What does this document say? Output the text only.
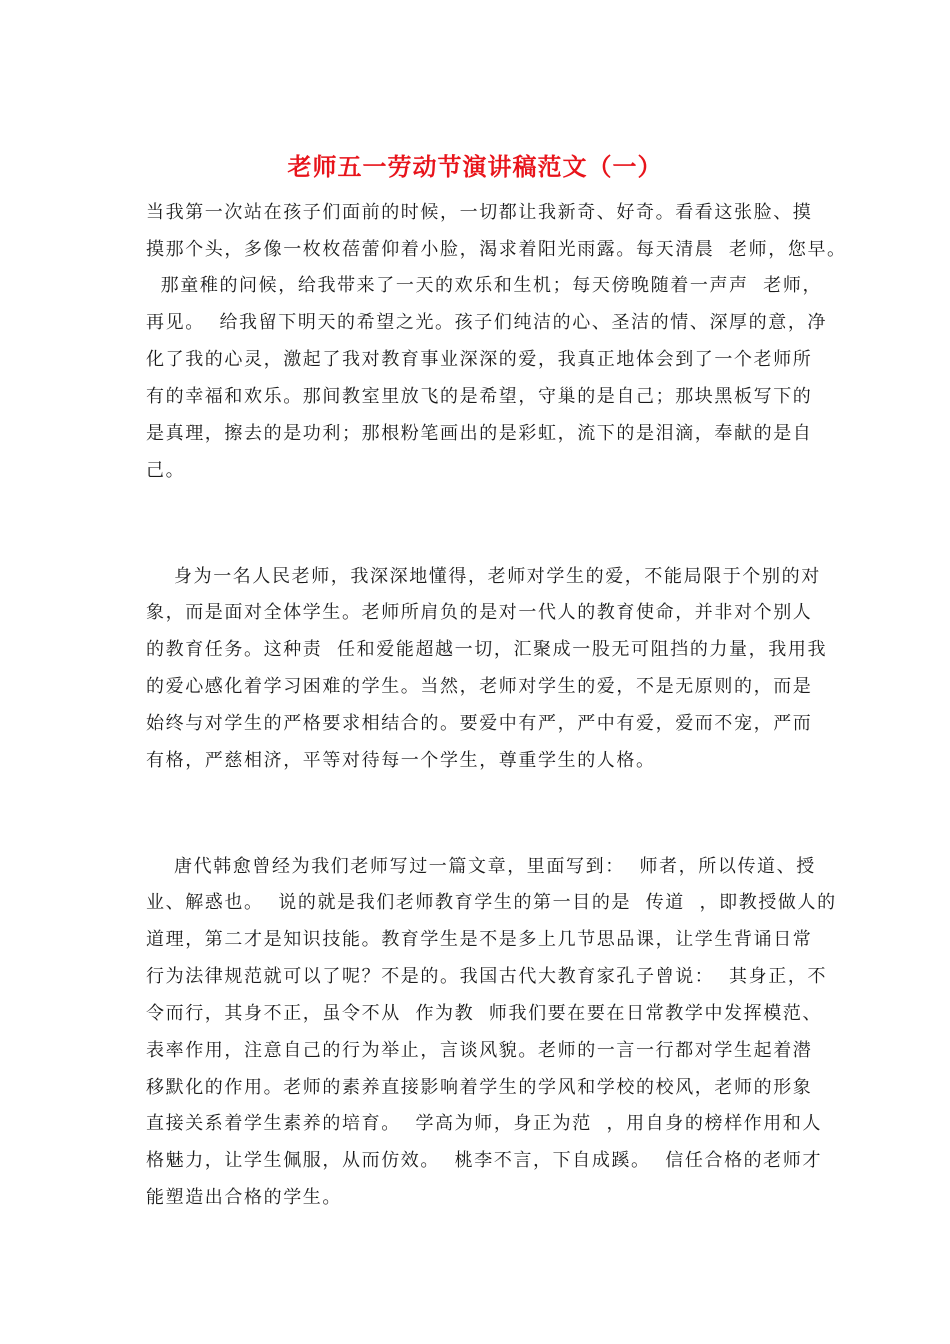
老师五一劳动节演讲稿范文（一）
当我第一次站在孩子们面前的时候，一切都让我新奇、好奇。看看这张脸、摸
摸那个头，多像一枚枚蓓蕾仰着小脸，渴求着阳光雨露。每天清晨  老师，您早。
那童稚的问候，给我带来了一天的欢乐和生机；每天傍晚随着一声声  老师，
再见。  给我留下明天的希望之光。孩子们纯洁的心、圣洁的情、深厚的意，净
化了我的心灵，激起了我对教育事业深深的爱，我真正地体会到了一个老师所
有的幸福和欢乐。那间教室里放飞的是希望，守巢的是自己；那块黑板写下的
是真理，擦去的是功利；那根粉笔画出的是彩虹，流下的是泪滴，奉献的是自
己。
身为一名人民老师，我深深地懂得，老师对学生的爱，不能局限于个别的对
象，而是面对全体学生。老师所肩负的是对一代人的教育使命，并非对个别人
的教育任务。这种责  任和爱能超越一切，汇聚成一股无可阻挡的力量，我用我
的爱心感化着学习困难的学生。当然，老师对学生的爱，不是无原则的，而是
始终与对学生的严格要求相结合的。要爱中有严，严中有爱，爱而不宠，严而
有格，严慈相济，平等对待每一个学生，尊重学生的人格。
唐代韩愈曾经为我们老师写过一篇文章，里面写到：  师者，所以传道、授
业、解惑也。  说的就是我们老师教育学生的第一目的是  传道  ，即教授做人的
道理，第二才是知识技能。教育学生是不是多上几节思品课，让学生背诵日常
行为法律规范就可以了呢？不是的。我国古代大教育家孔子曾说：  其身正，不
令而行，其身不正，虽令不从  作为教  师我们要在要在日常教学中发挥模范、
表率作用，注意自己的行为举止，言谈风貌。老师的一言一行都对学生起着潜
移默化的作用。老师的素养直接影响着学生的学风和学校的校风，老师的形象
直接关系着学生素养的培育。  学高为师，身正为范  ，用自身的榜样作用和人
格魅力，让学生佩服，从而仿效。  桃李不言，下自成蹊。  信任合格的老师才
能塑造出合格的学生。
